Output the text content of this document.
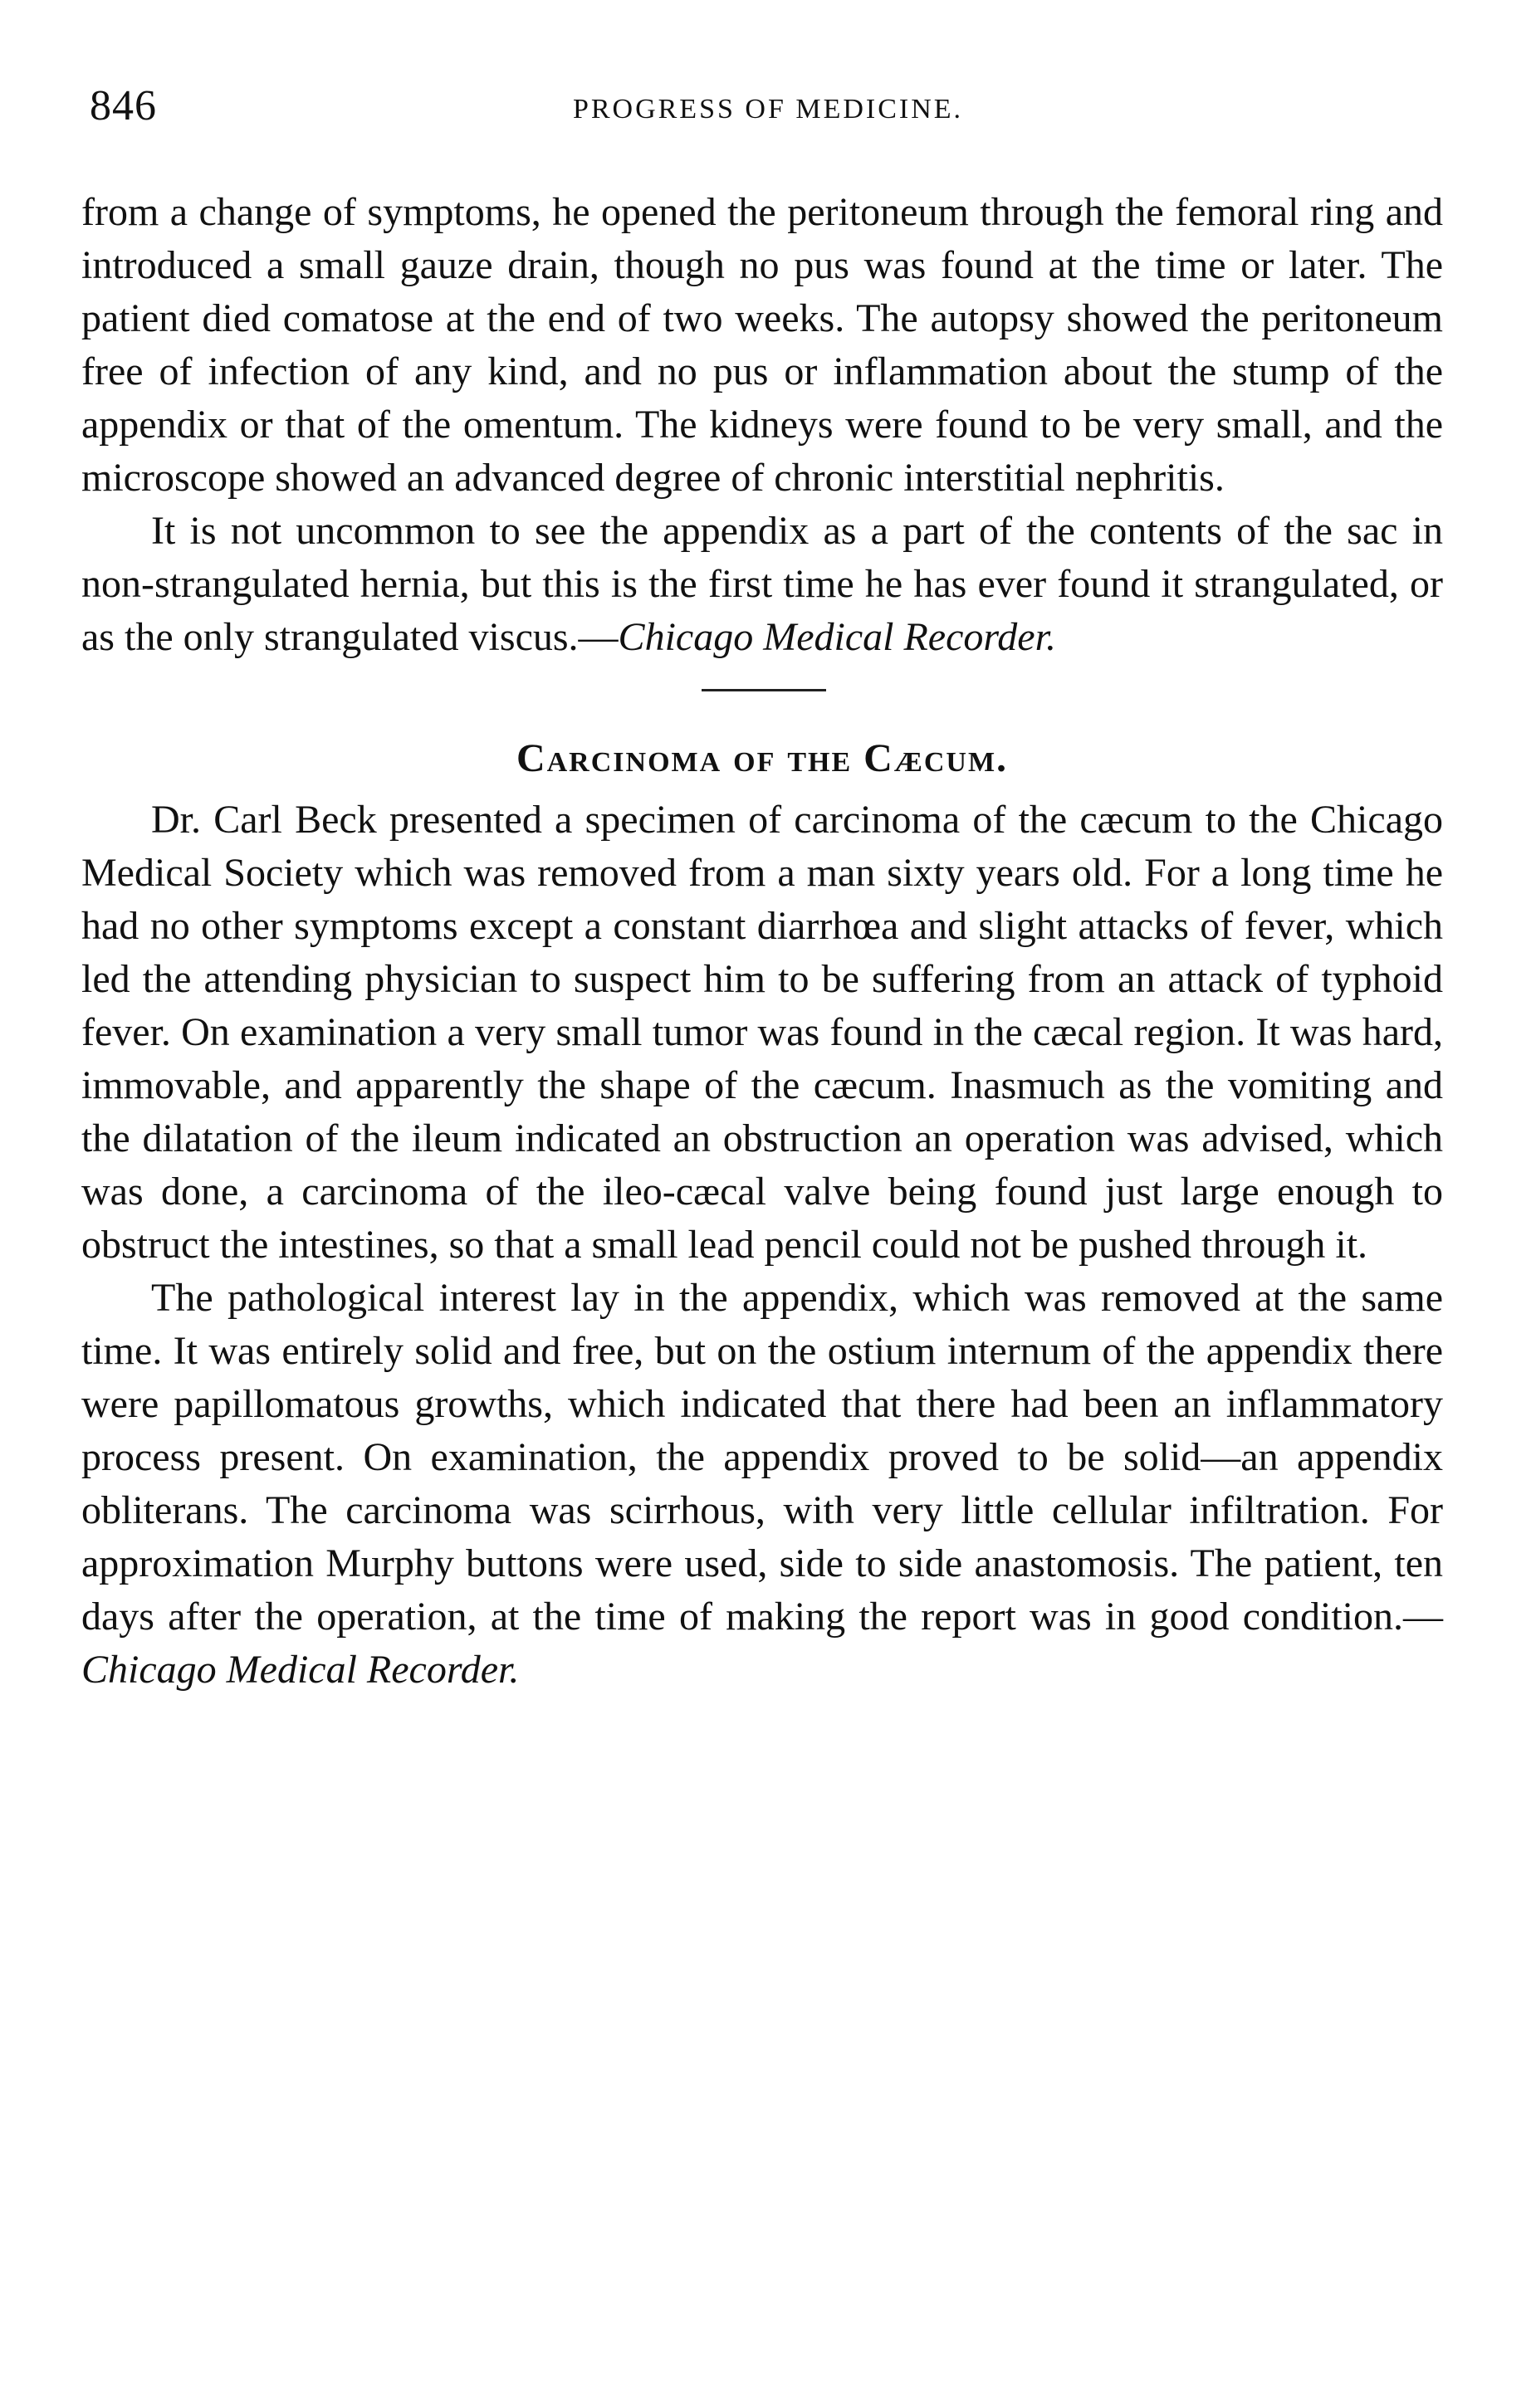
846	PROGRESS OF MEDICINE.

from a change of symptoms, he opened the peritoneum through the femoral ring and introduced a small gauze drain, though no pus was found at the time or later. The patient died comatose at the end of two weeks. The autopsy showed the peritoneum free of infection of any kind, and no pus or inflammation about the stump of the appendix or that of the omentum. The kidneys were found to be very small, and the microscope showed an advanced degree of chronic interstitial nephritis.

It is not uncommon to see the appendix as a part of the contents of the sac in non-strangulated hernia, but this is the first time he has ever found it strangulated, or as the only strangulated viscus.—Chicago Medical Recorder.

Carcinoma of the Cæcum.

Dr. Carl Beck presented a specimen of carcinoma of the cæcum to the Chicago Medical Society which was removed from a man sixty years old. For a long time he had no other symptoms except a constant diarrhœa and slight attacks of fever, which led the attending physician to suspect him to be suffering from an attack of typhoid fever. On examination a very small tumor was found in the cæcal region. It was hard, immovable, and apparently the shape of the cæcum. Inasmuch as the vomiting and the dilatation of the ileum indicated an obstruction an operation was advised, which was done, a carcinoma of the ileo-cæcal valve being found just large enough to obstruct the intestines, so that a small lead pencil could not be pushed through it.

The pathological interest lay in the appendix, which was removed at the same time. It was entirely solid and free, but on the ostium internum of the appendix there were papillomatous growths, which indicated that there had been an inflammatory process present. On examination, the appendix proved to be solid—an appendix obliterans. The carcinoma was scirrhous, with very little cellular infiltration. For approximation Murphy buttons were used, side to side anastomosis. The patient, ten days after the operation, at the time of making the report was in good condition.—Chicago Medical Recorder.
